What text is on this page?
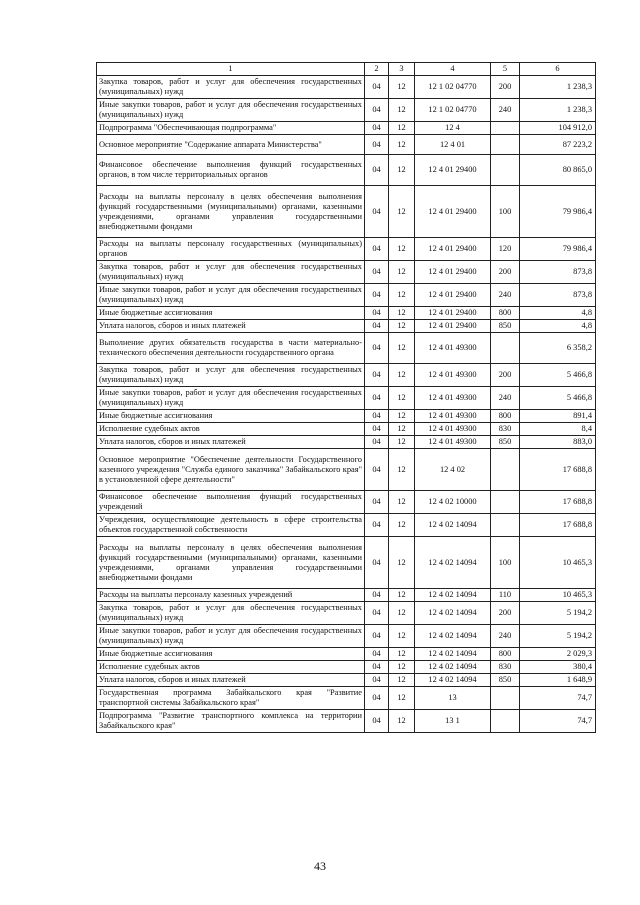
1	2	3	4	5	6
Закупка товаров, работ и услуг для обеспечения государственных (муниципальных) нужд	04	12	12 1 02 04770	200	1 238,3
Иные закупки товаров, работ и услуг для обеспечения государственных (муниципальных) нужд	04	12	12 1 02 04770	240	1 238,3
Подпрограмма "Обеспечивающая подпрограмма"	04	12	12 4		104 912,0
Основное мероприятие "Содержание аппарата Министерства"	04	12	12 4 01		87 223,2
Финансовое обеспечение выполнения функций государственных органов, в том числе территориальных органов	04	12	12 4 01 29400		80 865,0
Расходы на выплаты персоналу в целях обеспечения выполнения функций государственными (муниципальными) органами, казенными учреждениями, органами управления государственными внебюджетными фондами	04	12	12 4 01 29400	100	79 986,4
Расходы на выплаты персоналу государственных (муниципальных) органов	04	12	12 4 01 29400	120	79 986,4
Закупка товаров, работ и услуг для обеспечения государственных (муниципальных) нужд	04	12	12 4 01 29400	200	873,8
Иные закупки товаров, работ и услуг для обеспечения государственных (муниципальных) нужд	04	12	12 4 01 29400	240	873,8
Иные бюджетные ассигнования	04	12	12 4 01 29400	800	4,8
Уплата налогов, сборов и иных платежей	04	12	12 4 01 29400	850	4,8
Выполнение других обязательств государства в части материально-технического обеспечения деятельности государственного органа	04	12	12 4 01 49300		6 358,2
Закупка товаров, работ и услуг для обеспечения государственных (муниципальных) нужд	04	12	12 4 01 49300	200	5 466,8
Иные закупки товаров, работ и услуг для обеспечения государственных (муниципальных) нужд	04	12	12 4 01 49300	240	5 466,8
Иные бюджетные ассигнования	04	12	12 4 01 49300	800	891,4
Исполнение судебных актов	04	12	12 4 01 49300	830	8,4
Уплата налогов, сборов и иных платежей	04	12	12 4 01 49300	850	883,0
Основное мероприятие "Обеспечение деятельности Государственного казенного учреждения "Служба единого заказчика" Забайкальского края" в установленной сфере деятельности"	04	12	12 4 02		17 688,8
Финансовое обеспечение выполнения функций государственных учреждений	04	12	12 4 02 10000		17 688,8
Учреждения, осуществляющие деятельность в сфере строительства объектов государственной собственности	04	12	12 4 02 14094		17 688,8
Расходы на выплаты персоналу в целях обеспечения выполнения функций государственными (муниципальными) органами, казенными учреждениями, органами управления государственными внебюджетными фондами	04	12	12 4 02 14094	100	10 465,3
Расходы на выплаты персоналу казенных учреждений	04	12	12 4 02 14094	110	10 465,3
Закупка товаров, работ и услуг для обеспечения государственных (муниципальных) нужд	04	12	12 4 02 14094	200	5 194,2
Иные закупки товаров, работ и услуг для обеспечения государственных (муниципальных) нужд	04	12	12 4 02 14094	240	5 194,2
Иные бюджетные ассигнования	04	12	12 4 02 14094	800	2 029,3
Исполнение судебных актов	04	12	12 4 02 14094	830	380,4
Уплата налогов, сборов и иных платежей	04	12	12 4 02 14094	850	1 648,9
Государственная программа Забайкальского края "Развитие транспортной системы Забайкальского края"	04	12	13		74,7
Подпрограмма "Развитие транспортного комплекса на территории Забайкальского края"	04	12	13 1		74,7
43
